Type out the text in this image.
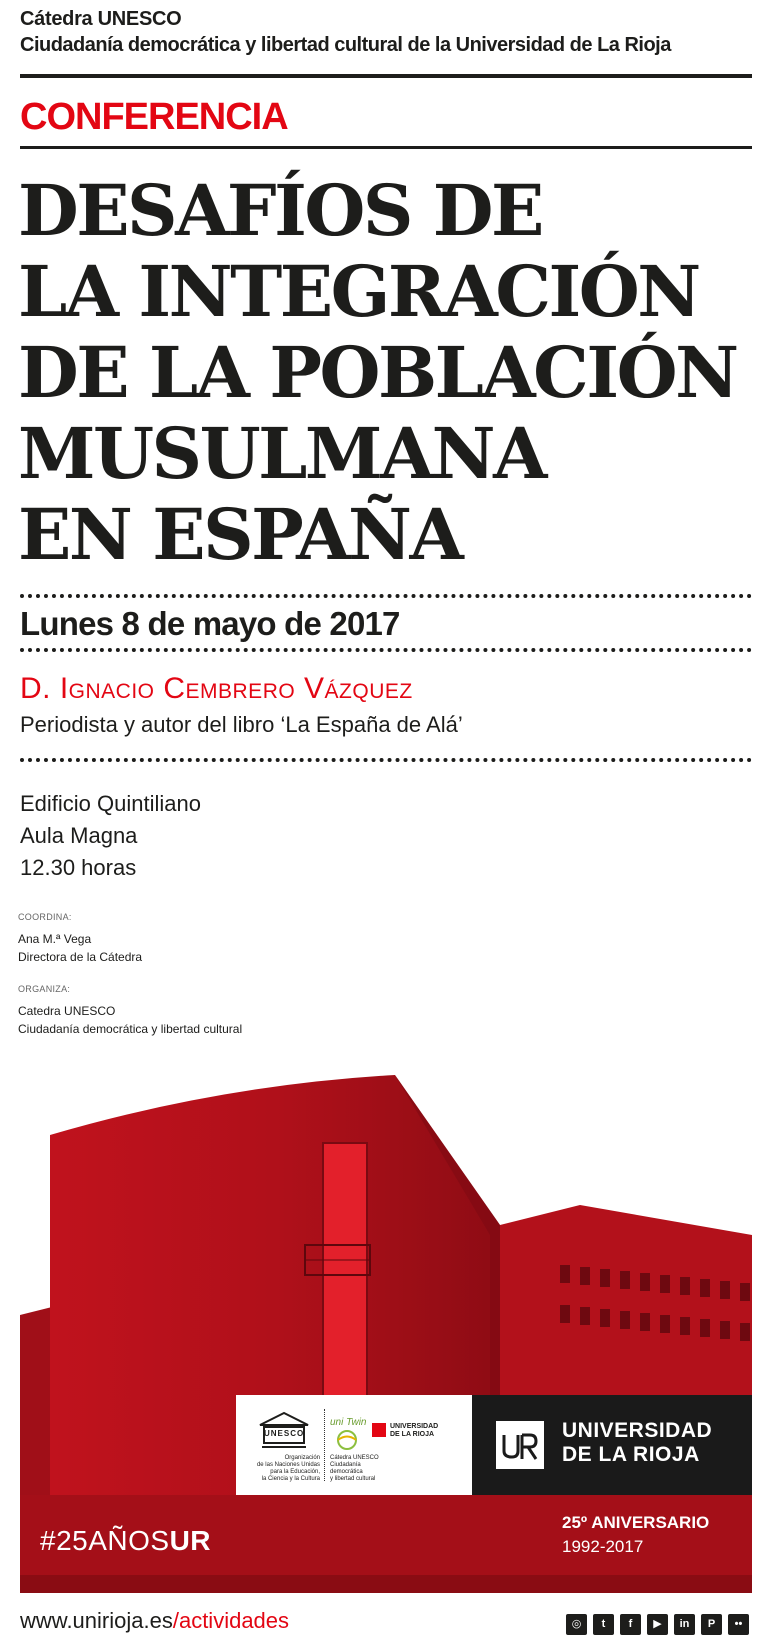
Cátedra UNESCO
Ciudadanía democrática y libertad cultural de la Universidad de La Rioja
CONFERENCIA
DESAFÍOS DE
LA INTEGRACIÓN
DE LA POBLACIÓN
MUSULMANA
EN ESPAÑA
Lunes 8 de mayo de 2017
D. Ignacio Cembrero Vázquez
Periodista y autor del libro ‘La España de Alá’
Edificio Quintiliano
Aula Magna
12.30 horas
COORDINA:
Ana M.ª Vega
Directora de la Cátedra
ORGANIZA:
Catedra UNESCO
Ciudadanía democrática y libertad cultural
UNESCO
Organización
de las Naciones Unidas
para la Educación,
la Ciencia y la Cultura
uni Twin
Cátedra UNESCO
Ciudadanía
democrática
y libertad cultural
UNIVERSIDAD
DE LA RIOJA	UNIVERSIDAD
DE LA RIOJA
#25AÑOSUR
25º ANIVERSARIO
1992-2017
www.unirioja.es/actividades	◎	t	f	▶	in	P	••
